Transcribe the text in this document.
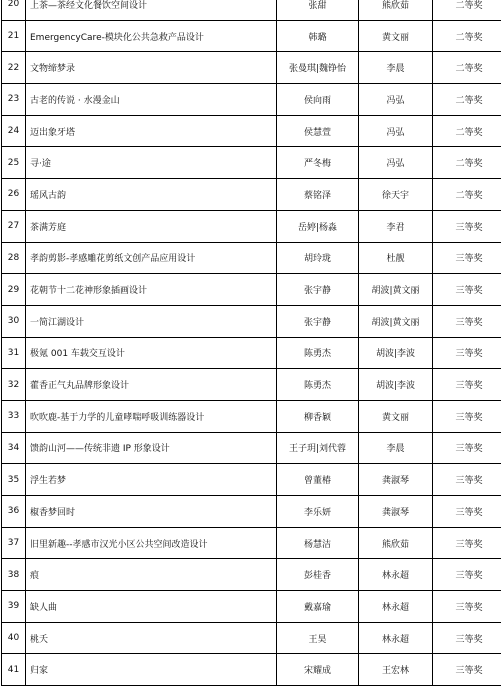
20	上茶—茶经文化餐饮空间设计	张甜	熊欣茹	二等奖
21	EmergencyCare-模块化公共急救产品设计	韩璐	黄文丽	二等奖
22	文物缔梦录	张曼琪|魏铮怡	李晨	二等奖
23	古老的传说 · 水漫金山	侯向雨	冯弘	二等奖
24	迈出象牙塔	侯慧萱	冯弘	二等奖
25	寻·途	严冬梅	冯弘	二等奖
26	瑶风古韵	蔡铭泽	徐天宇	二等奖
27	茶满芳庭	岳婷|杨淼	李君	三等奖
28	孝韵剪影-孝感雕花剪纸文创产品应用设计	胡玲珑	杜靓	三等奖
29	花朝节十二花神形象插画设计	张宇静	胡波|黄文丽	三等奖
30	一简江湖设计	张宇静	胡波|黄文丽	三等奖
31	极氪 001 车载交互设计	陈勇杰	胡波|李波	三等奖
32	藿香正气丸品牌形象设计	陈勇杰	胡波|李波	三等奖
33	吹吹鹿-基于力学的儿童哮喘呼吸训练器设计	柳香颖	黄文丽	三等奖
34	馈韵山河——传统非遗 IP 形象设计	王子玥|刘代蓉	李晨	三等奖
35	浮生若梦	曾董椿	龚淑琴	三等奖
36	椒香梦回时	李乐妍	龚淑琴	三等奖
37	旧里新趣--孝感市汉光小区公共空间改造设计	杨慧洁	熊欣茹	三等奖
38	痕	彭桂香	林永超	三等奖
39	缺人曲	戴嘉瑜	林永超	三等奖
40	桃夭	王昊	林永超	三等奖
41	归家	宋耀成	王宏林	三等奖
